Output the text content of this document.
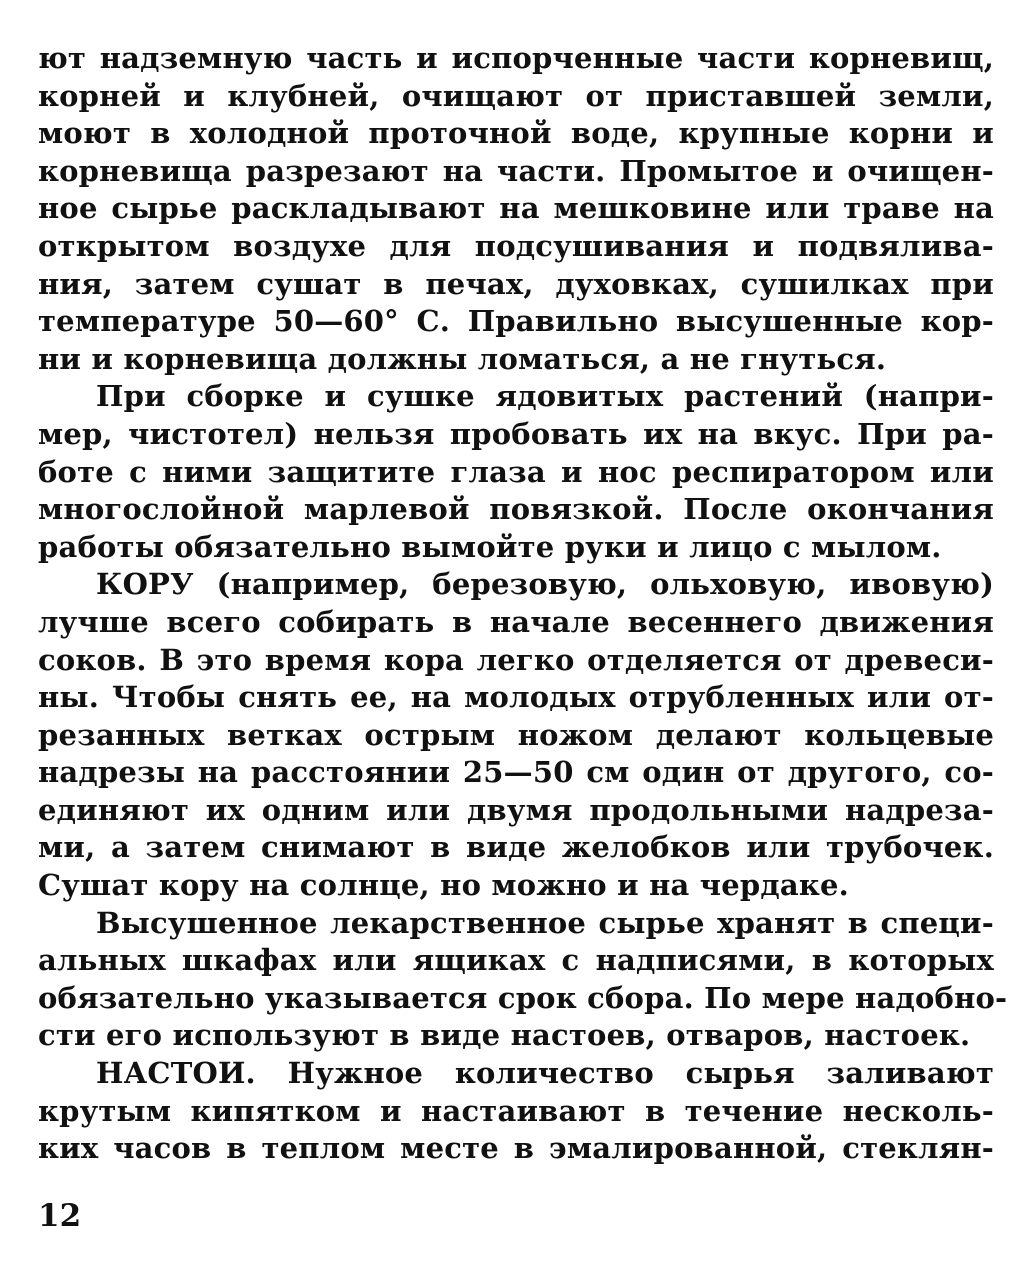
ют надземную часть и испорченные части корневищ,
корней и клубней, очищают от приставшей земли,
моют в холодной проточной воде, крупные корни и
корневища разрезают на части. Промытое и очищен-
ное сырье раскладывают на мешковине или траве на
открытом воздухе для подсушивания и подвялива-
ния, затем сушат в печах, духовках, сушилках при
температуре 50—60° С. Правильно высушенные кор-
ни и корневища должны ломаться, а не гнуться.
При сборке и сушке ядовитых растений (напри-
мер, чистотел) нельзя пробовать их на вкус. При ра-
боте с ними защитите глаза и нос респиратором или
многослойной марлевой повязкой. После окончания
работы обязательно вымойте руки и лицо с мылом.
КОРУ (например, березовую, ольховую, ивовую)
лучше всего собирать в начале весеннего движения
соков. В это время кора легко отделяется от древеси-
ны. Чтобы снять ее, на молодых отрубленных или от-
резанных ветках острым ножом делают кольцевые
надрезы на расстоянии 25—50 см один от другого, со-
единяют их одним или двумя продольными надреза-
ми, а затем снимают в виде желобков или трубочек.
Сушат кору на солнце, но можно и на чердаке.
Высушенное лекарственное сырье хранят в специ-
альных шкафах или ящиках с надписями, в которых
обязательно указывается срок сбора. По мере надобно-
сти его используют в виде настоев, отваров, настоек.
НАСТОИ. Нужное количество сырья заливают
крутым кипятком и настаивают в течение несколь-
ких часов в теплом месте в эмалированной, стеклян-
12
